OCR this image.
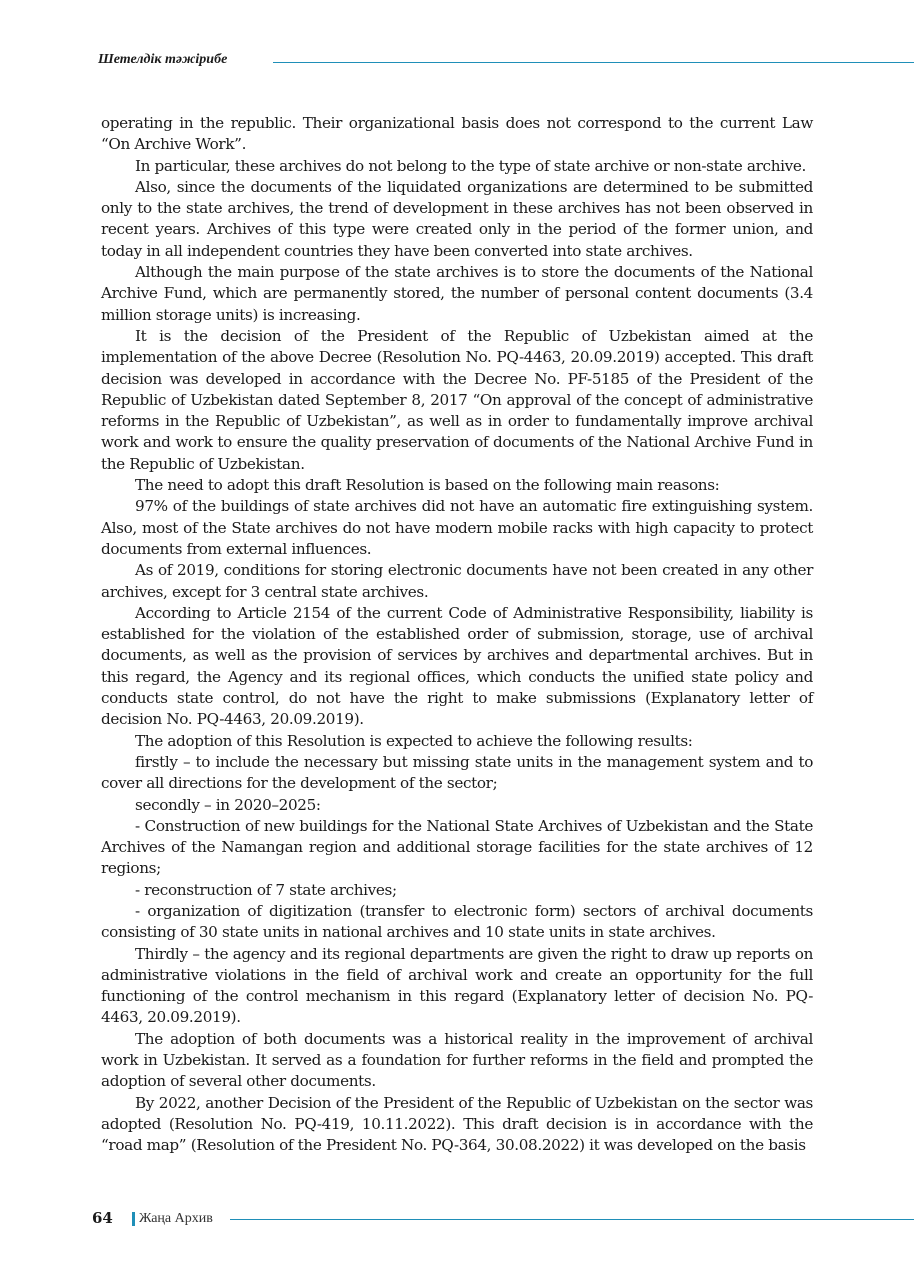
Шетелдік тәжірибе

operating in the republic. Their organizational basis does not correspond to the current Law “On Archive Work”.

In particular, these archives do not belong to the type of state archive or non-state archive.

Also, since the documents of the liquidated organizations are determined to be submitted only to the state archives, the trend of development in these archives has not been observed in recent years. Archives of this type were created only in the period of the former union, and today in all independent countries they have been converted into state archives.

Although the main purpose of the state archives is to store the documents of the National Archive Fund, which are permanently stored, the number of personal content documents (3.4 million storage units) is increasing.

It is the decision of the President of the Republic of Uzbekistan aimed at the implementation of the above Decree (Resolution No. PQ-4463, 20.09.2019) accepted. This draft decision was developed in accordance with the Decree No. PF-5185 of the President of the Republic of Uzbekistan dated September 8, 2017 “On approval of the concept of administrative reforms in the Republic of Uzbekistan”, as well as in order to fundamentally improve archival work and work to ensure the quality preservation of documents of the National Archive Fund in the Republic of Uzbekistan.

The need to adopt this draft Resolution is based on the following main reasons:

97% of the buildings of state archives did not have an automatic fire extinguishing system. Also, most of the State archives do not have modern mobile racks with high capacity to protect documents from external influences.

As of 2019, conditions for storing electronic documents have not been created in any other archives, except for 3 central state archives.

According to Article 2154 of the current Code of Administrative Responsibility, liability is established for the violation of the established order of submission, storage, use of archival documents, as well as the provision of services by archives and departmental archives. But in this regard, the Agency and its regional offices, which conducts the unified state policy and conducts state control, do not have the right to make submissions (Explanatory letter of decision No. PQ-4463, 20.09.2019).

The adoption of this Resolution is expected to achieve the following results:

firstly – to include the necessary but missing state units in the management system and to cover all directions for the development of the sector;

secondly – in 2020–2025:

- Construction of new buildings for the National State Archives of Uzbekistan and the State Archives of the Namangan region and additional storage facilities for the state archives of 12 regions;

- reconstruction of 7 state archives;

- organization of digitization (transfer to electronic form) sectors of archival documents consisting of 30 state units in national archives and 10 state units in state archives.

Thirdly – the agency and its regional departments are given the right to draw up reports on administrative violations in the field of archival work and create an opportunity for the full functioning of the control mechanism in this regard (Explanatory letter of decision No. PQ-4463, 20.09.2019).

The adoption of both documents was a historical reality in the improvement of archival work in Uzbekistan. It served as a foundation for further reforms in the field and prompted the adoption of several other documents.

By 2022, another Decision of the President of the Republic of Uzbekistan on the sector was adopted (Resolution No. PQ-419, 10.11.2022). This draft decision is in accordance with the “road map” (Resolution of the President No. PQ-364, 30.08.2022) it was developed on the basis

64 Жаңа Архив
